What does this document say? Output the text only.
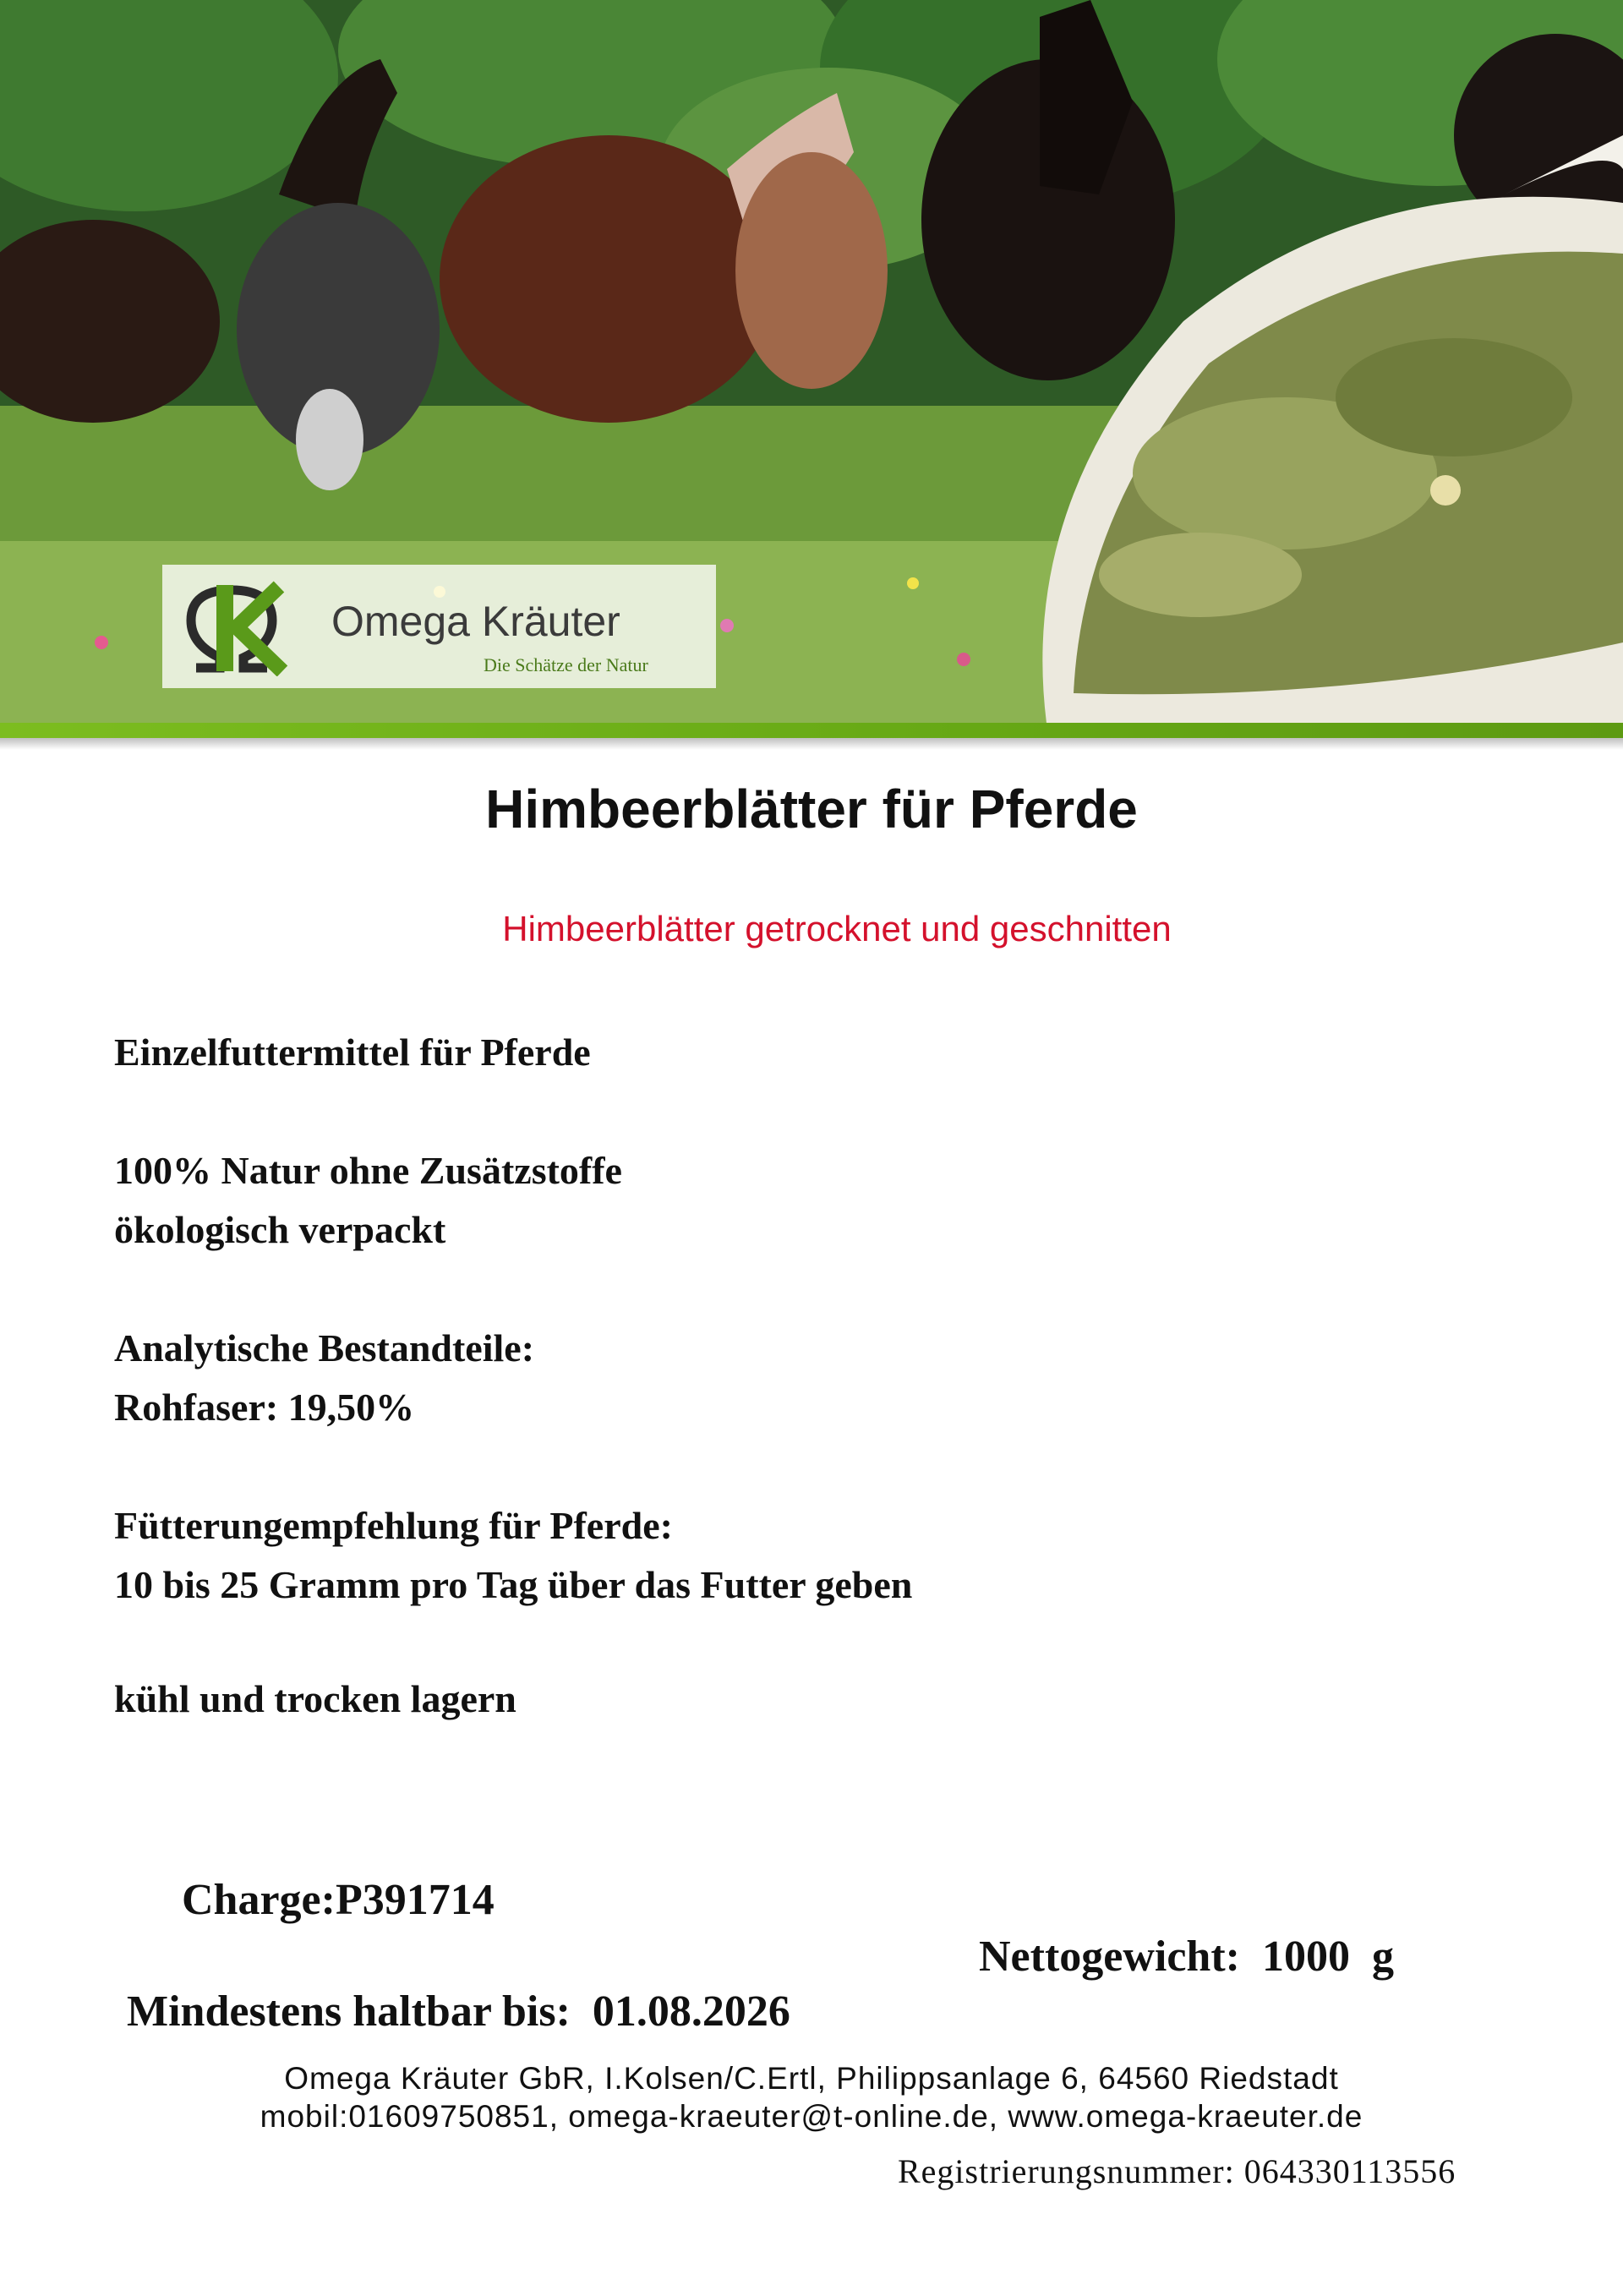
Omega Kräuter
Die Schätze der Natur
Himbeerblätter für Pferde
Himbeerblätter getrocknet und geschnitten
Einzelfuttermittel für Pferde
100% Natur ohne Zusätzstoffe
ökologisch verpackt
Analytische Bestandteile:
Rohfaser: 19,50%
Fütterungempfehlung für Pferde:
10 bis 25 Gramm pro Tag über das Futter geben
kühl und trocken lagern
Charge:P391714
Nettogewicht:  1000  g
Mindestens haltbar bis:  01.08.2026
Omega Kräuter GbR, I.Kolsen/C.Ertl, Philippsanlage 6, 64560 Riedstadt
mobil:01609750851, omega-kraeuter@t-online.de, www.omega-kraeuter.de
Registrierungsnummer: 064330113556
